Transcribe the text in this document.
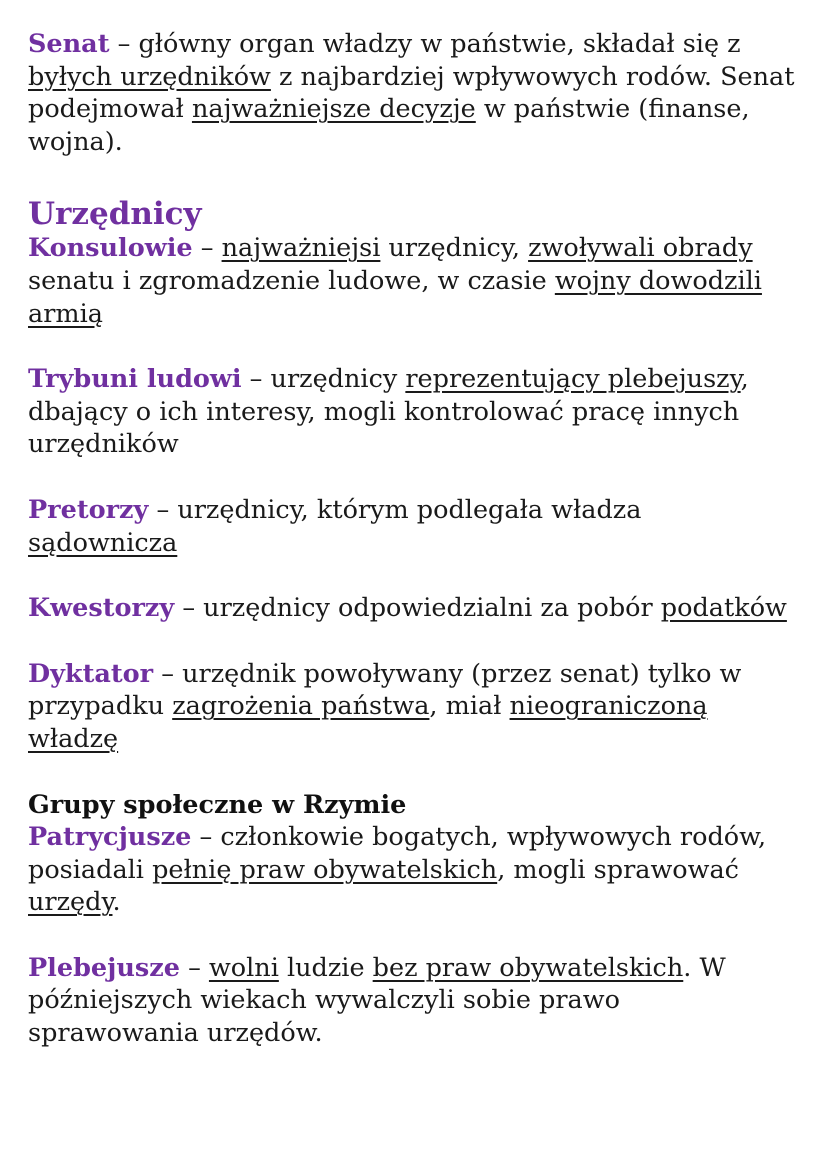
Senat – główny organ władzy w państwie, składał się z byłych urzędników z najbardziej wpływowych rodów. Senat podejmował najważniejsze decyzje w państwie (finanse, wojna).

Urzędnicy

Konsulowie – najważniejsi urzędnicy, zwoływali obrady senatu i zgromadzenie ludowe, w czasie wojny dowodzili armią

Trybuni ludowi – urzędnicy reprezentujący plebejuszy, dbający o ich interesy, mogli kontrolować pracę innych urzędników

Pretorzy – urzędnicy, którym podlegała władza sądownicza

Kwestorzy – urzędnicy odpowiedzialni za pobór podatków

Dyktator – urzędnik powoływany (przez senat) tylko w przypadku zagrożenia państwa, miał nieograniczoną władzę

Grupy społeczne w Rzymie

Patrycjusze – członkowie bogatych, wpływowych rodów, posiadali pełnię praw obywatelskich, mogli sprawować urzędy.

Plebejusze – wolni ludzie bez praw obywatelskich. W późniejszych wiekach wywalczyli sobie prawo sprawowania urzędów.
